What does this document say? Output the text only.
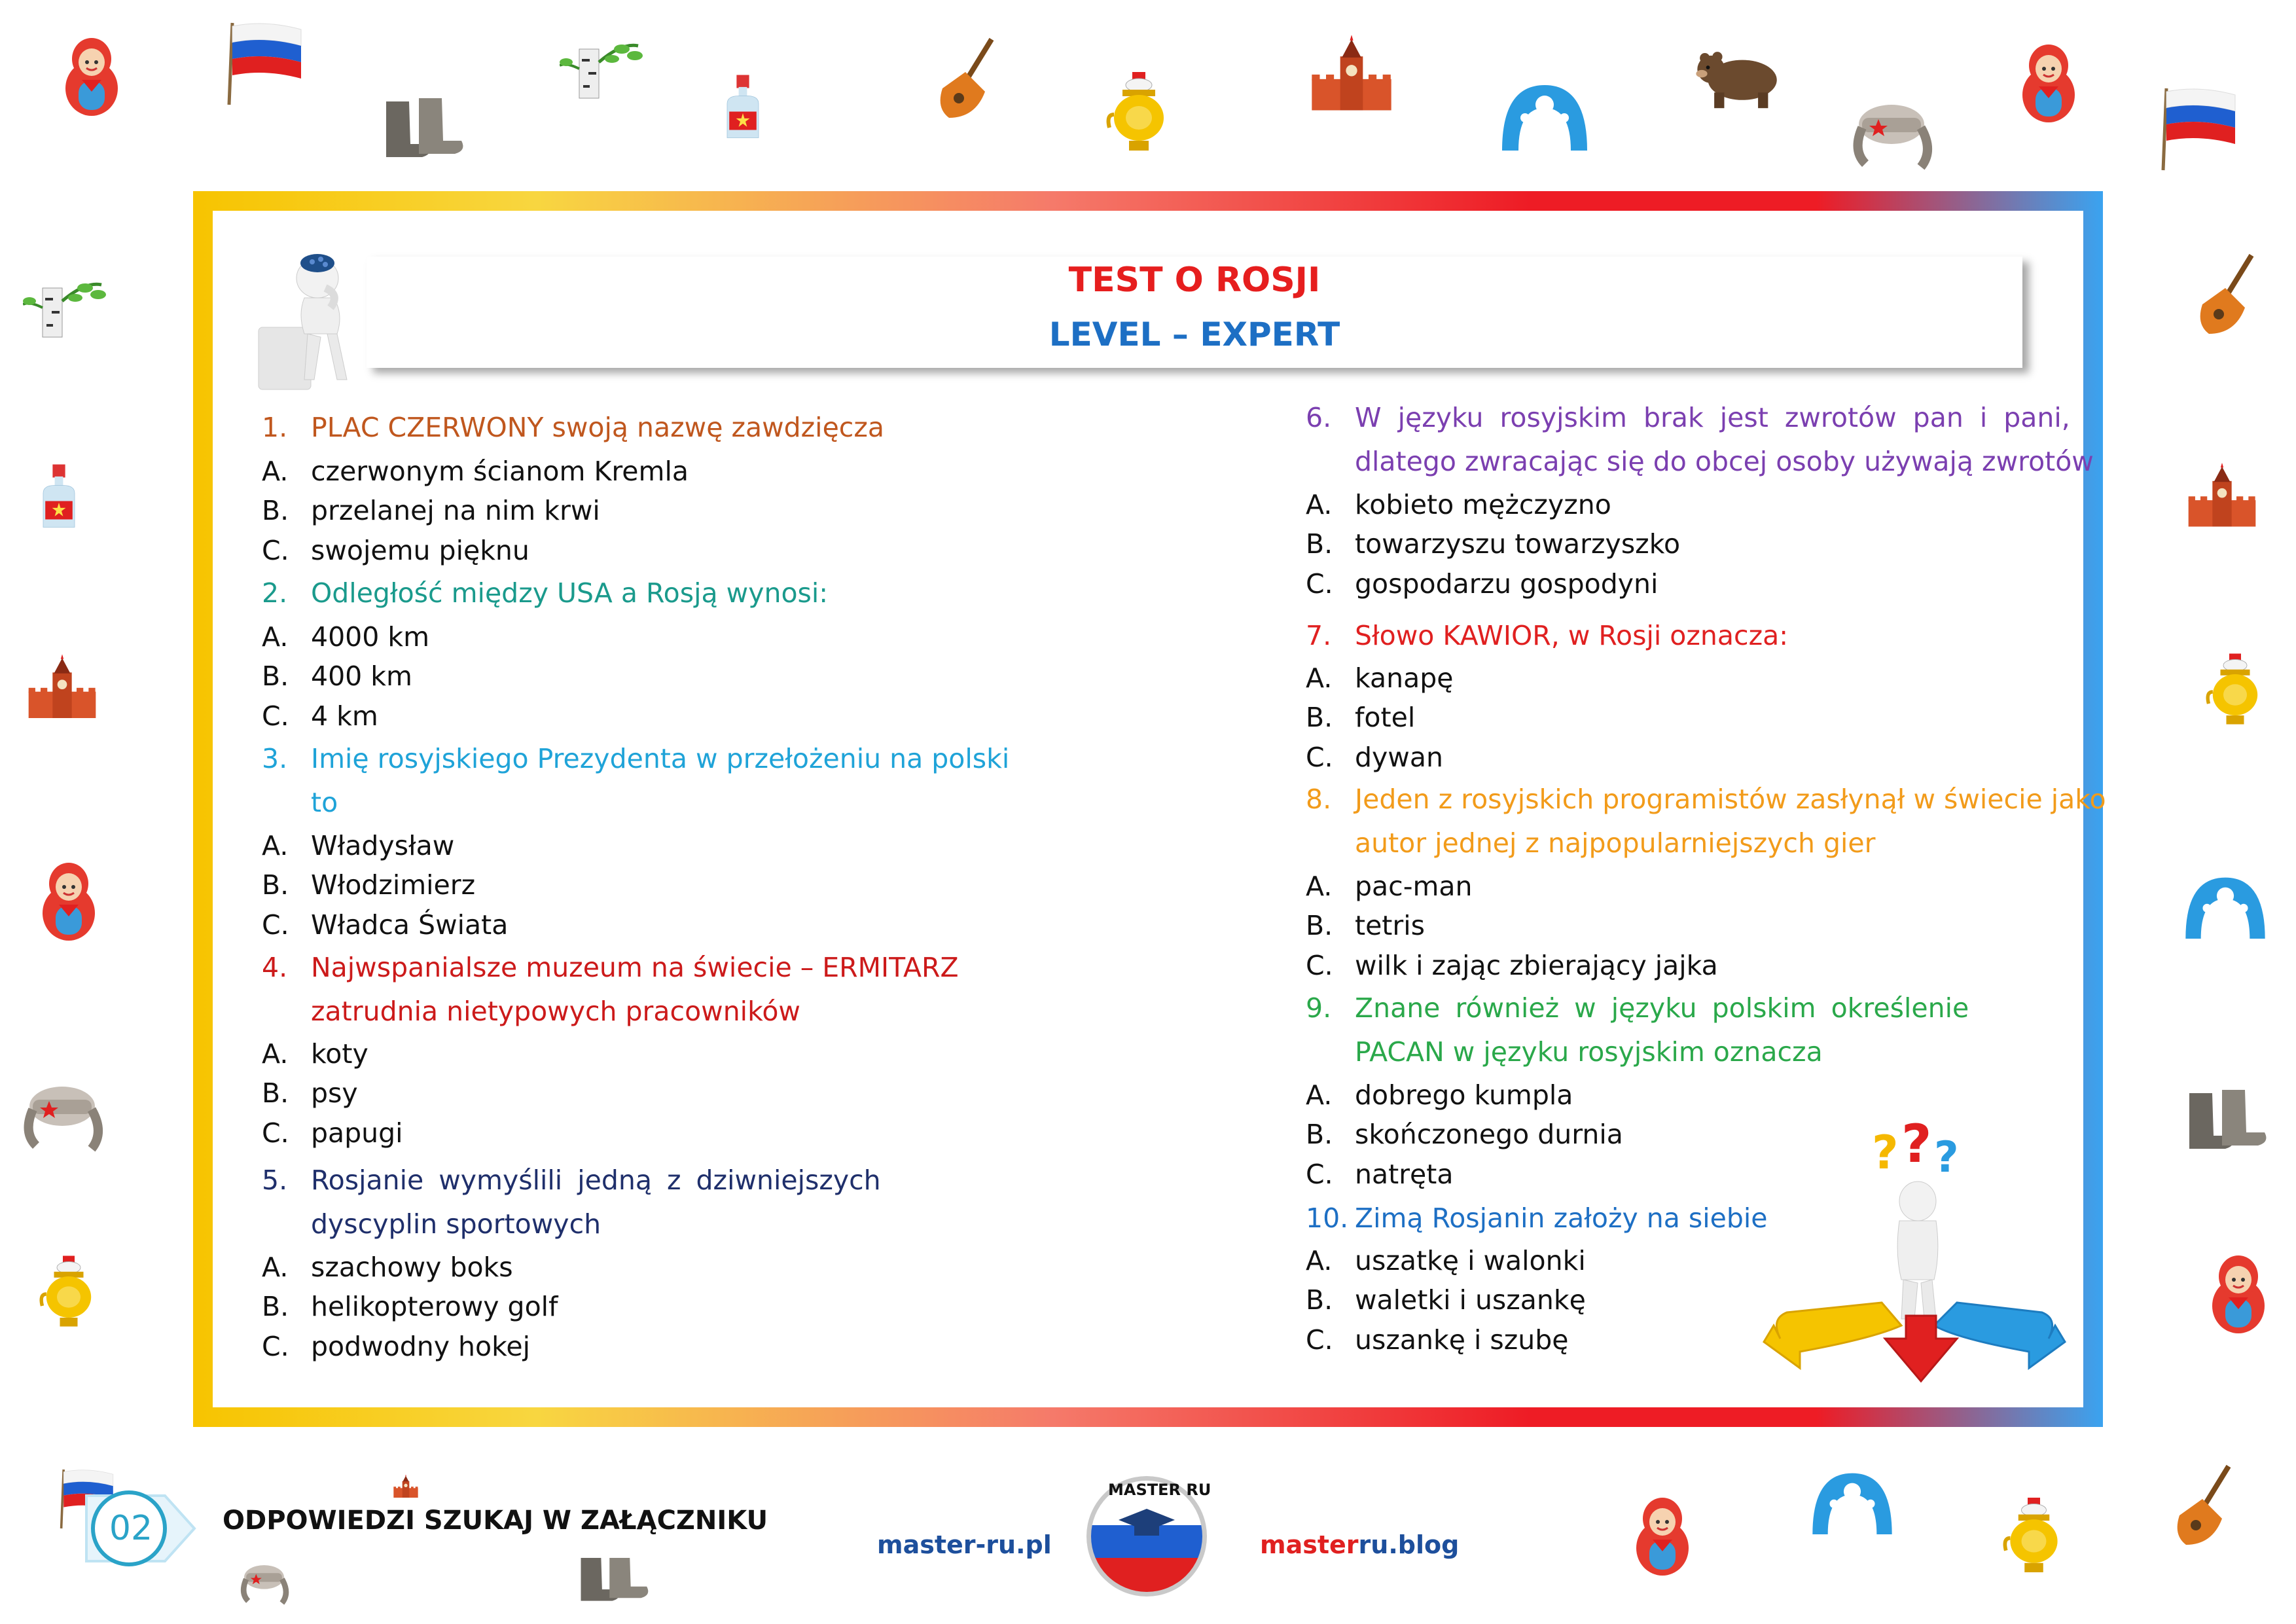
TEST O ROSJI
LEVEL – EXPERT
1. PLAC CZERWONY swoją nazwę zawdzięcza
A. czerwonym ścianom Kremla
B. przelanej na nim krwi
C. swojemu pięknu
2. Odległość między USA a Rosją wynosi:
A. 4000 km
B. 400 km
C. 4 km
3. Imię rosyjskiego Prezydenta w przełożeniu na polski
to
A. Władysław
B. Włodzimierz
C. Władca Świata
4. Najwspanialsze muzeum na świecie – ERMITARZ
zatrudnia nietypowych pracowników
A. koty
B. psy
C. papugi
5. Rosjanie wymyślili jedną z dziwniejszych
dyscyplin sportowych
A. szachowy boks
B. helikopterowy golf
C. podwodny hokej
6. W języku rosyjskim brak jest zwrotów pan i pani,
dlatego zwracając się do obcej osoby używają zwrotów
A. kobieto mężczyzno
B. towarzyszu towarzyszko
C. gospodarzu gospodyni
7. Słowo KAWIOR, w Rosji oznacza:
A. kanapę
B. fotel
C. dywan
8. Jeden z rosyjskich programistów zasłynął w świecie jako
autor jednej z najpopularniejszych gier
A. pac-man
B. tetris
C. wilk i zając zbierający jajka
9. Znane również w języku polskim określenie
PACAN w języku rosyjskim oznacza
A. dobrego kumpla
B. skończonego durnia
C. natręta
10. Zimą Rosjanin założy na siebie
A. uszatkę i walonki
B. waletki i uszankę
C. uszankę i szubę
? ? ?
02	ODPOWIEDZI SZUKAJ W ZAŁĄCZNIKU
master-ru.pl
MASTER RU
masterru.blog
